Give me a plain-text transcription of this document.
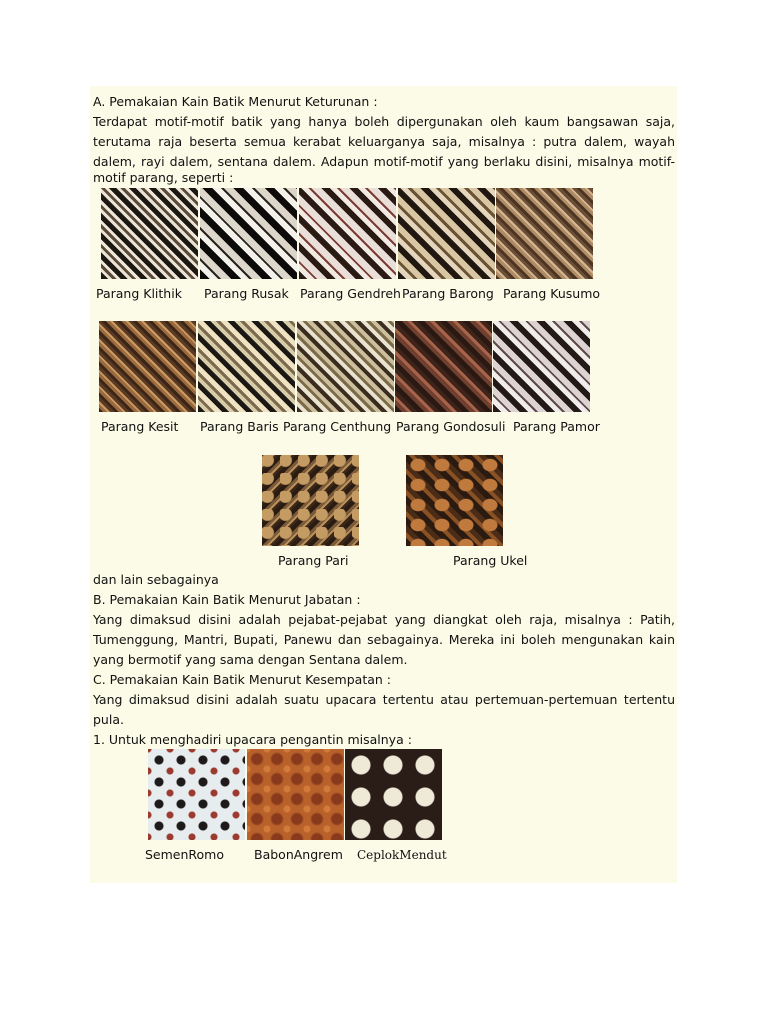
A. Pemakaian Kain Batik Menurut Keturunan :
Terdapat motif-motif batik yang hanya boleh dipergunakan oleh kaum bangsawan saja,
terutama raja beserta semua kerabat keluarganya saja, misalnya : putra dalem, wayah
dalem, rayi dalem, sentana dalem. Adapun motif-motif yang berlaku disini, misalnya motif-
motif parang, seperti :
Parang Klithik Parang Rusak Parang Gendreh Parang Barong Parang Kusumo
Parang Kesit Parang Baris Parang Centhung Parang Gondosuli Parang Pamor
Parang Pari	Parang Ukel
dan lain sebagainya
B. Pemakaian Kain Batik Menurut Jabatan :
Yang dimaksud disini adalah pejabat-pejabat yang diangkat oleh raja, misalnya : Patih,
Tumenggung, Mantri, Bupati, Panewu dan sebagainya. Mereka ini boleh mengunakan kain
yang bermotif yang sama dengan Sentana dalem.
C. Pemakaian Kain Batik Menurut Kesempatan :
Yang dimaksud disini adalah suatu upacara tertentu atau pertemuan-pertemuan tertentu
pula.
1. Untuk menghadiri upacara pengantin misalnya :
SemenRomo BabonAngrem CeplokMendut
